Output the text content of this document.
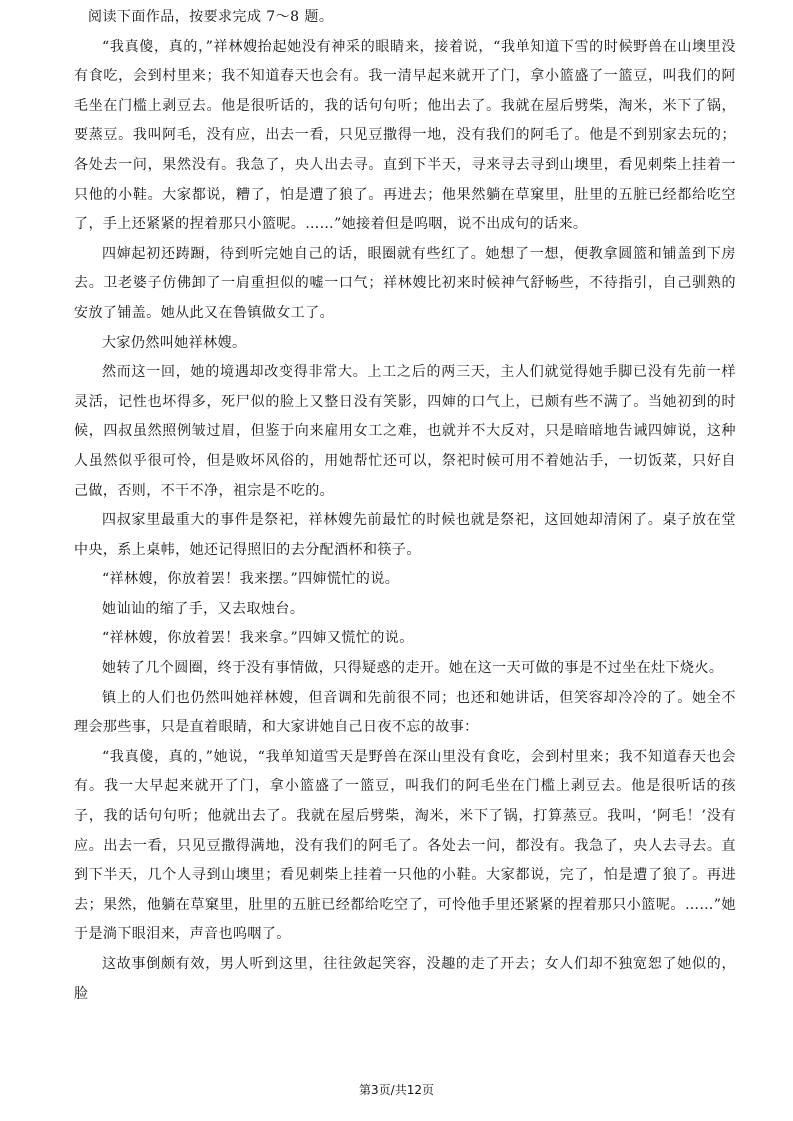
阅读下面作品，按要求完成 7～8 题。

“我真傻，真的，”祥林嫂抬起她没有神采的眼睛来，接着说，“我单知道下雪的时候野兽在山墺里没有食吃，会到村里来；我不知道春天也会有。我一清早起来就开了门，拿小篮盛了一篮豆，叫我们的阿毛坐在门槛上剥豆去。他是很听话的，我的话句句听；他出去了。我就在屋后劈柴，淘米，米下了锅，要蒸豆。我叫阿毛，没有应，出去一看，只见豆撒得一地，没有我们的阿毛了。他是不到别家去玩的；各处去一问，果然没有。我急了，央人出去寻。直到下半天，寻来寻去寻到山墺里，看见刺柴上挂着一只他的小鞋。大家都说，糟了，怕是遭了狼了。再进去；他果然躺在草窠里，肚里的五脏已经都给吃空了，手上还紧紧的捏着那只小篮呢。……”她接着但是呜咽，说不出成句的话来。

四婶起初还踌蹰，待到听完她自己的话，眼圈就有些红了。她想了一想，便教拿圆篮和铺盖到下房去。卫老婆子仿佛卸了一肩重担似的嘘一口气；祥林嫂比初来时候神气舒畅些，不待指引，自己驯熟的安放了铺盖。她从此又在鲁镇做女工了。

大家仍然叫她祥林嫂。

然而这一回，她的境遇却改变得非常大。上工之后的两三天，主人们就觉得她手脚已没有先前一样灵活，记性也坏得多，死尸似的脸上又整日没有笑影，四婶的口气上，已颇有些不满了。当她初到的时候，四叔虽然照例皱过眉，但鉴于向来雇用女工之难，也就并不大反对，只是暗暗地告诫四婶说，这种人虽然似乎很可怜，但是败坏风俗的，用她帮忙还可以，祭祀时候可用不着她沾手，一切饭菜，只好自己做，否则，不干不净，祖宗是不吃的。

四叔家里最重大的事件是祭祀，祥林嫂先前最忙的时候也就是祭祀，这回她却清闲了。桌子放在堂中央，系上桌帏，她还记得照旧的去分配酒杯和筷子。

“祥林嫂，你放着罢！我来摆。”四婶慌忙的说。

她讪讪的缩了手，又去取烛台。

“祥林嫂，你放着罢！我来拿。”四婶又慌忙的说。

她转了几个圆圈，终于没有事情做，只得疑惑的走开。她在这一天可做的事是不过坐在灶下烧火。

镇上的人们也仍然叫她祥林嫂，但音调和先前很不同；也还和她讲话，但笑容却冷冷的了。她全不理会那些事，只是直着眼睛，和大家讲她自己日夜不忘的故事：

“我真傻，真的，”她说，“我单知道雪天是野兽在深山里没有食吃，会到村里来；我不知道春天也会有。我一大早起来就开了门，拿小篮盛了一篮豆，叫我们的阿毛坐在门槛上剥豆去。他是很听话的孩子，我的话句句听；他就出去了。我就在屋后劈柴，淘米，米下了锅，打算蒸豆。我叫，‘阿毛！’没有应。出去一看，只见豆撒得满地，没有我们的阿毛了。各处去一问，都没有。我急了，央人去寻去。直到下半天，几个人寻到山墺里；看见刺柴上挂着一只他的小鞋。大家都说，完了，怕是遭了狼了。再进去；果然，他躺在草窠里，肚里的五脏已经都给吃空了，可怜他手里还紧紧的捏着那只小篮呢。……”她于是淌下眼泪来，声音也呜咽了。

这故事倒颇有效，男人听到这里，往往敛起笑容，没趣的走了开去；女人们却不独宽恕了她似的，脸

第3页/共12页
